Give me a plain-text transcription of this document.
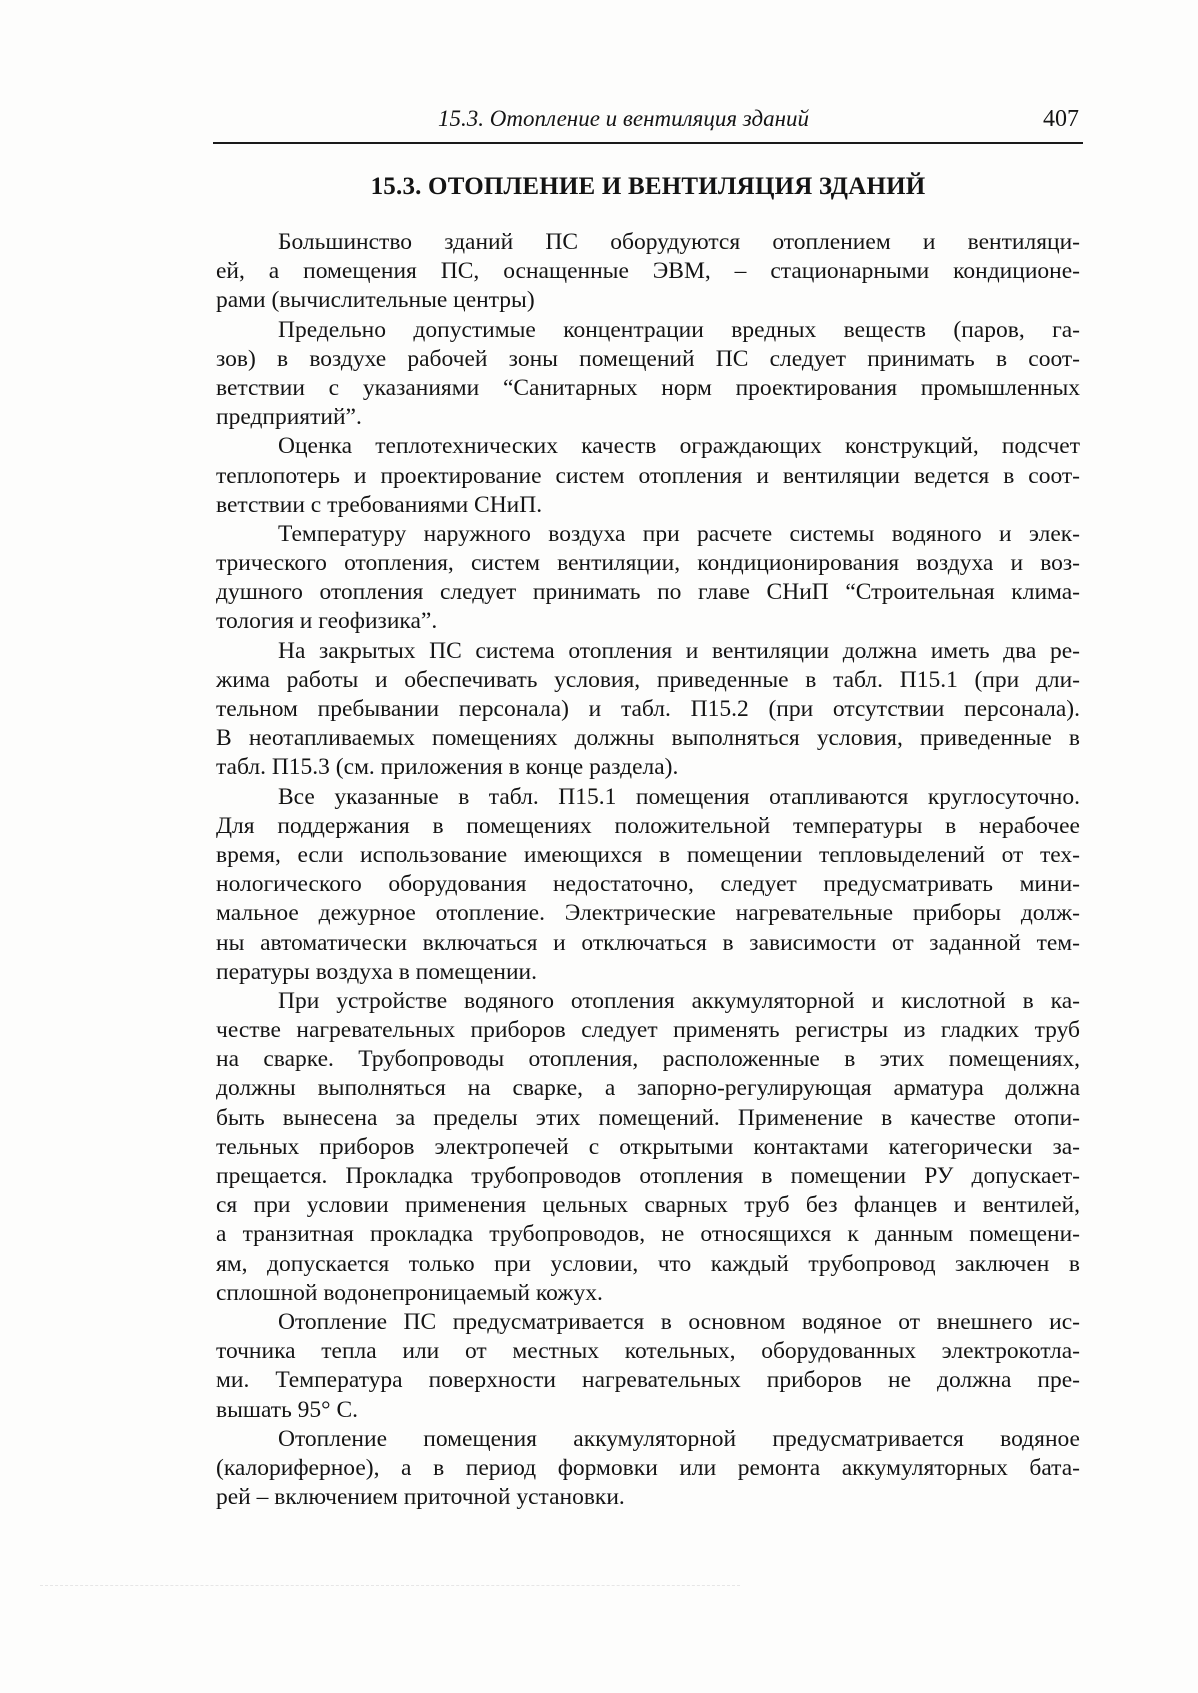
15.3. Отопление и вентиляция зданий	407
15.3. ОТОПЛЕНИЕ И ВЕНТИЛЯЦИЯ ЗДАНИЙ

Большинство зданий ПС оборудуются отоплением и вентиляци-
ей, а помещения ПС, оснащенные ЭВМ, – стационарными кондиционе-
рами (вычислительные центры)

Предельно допустимые концентрации вредных веществ (паров, га-
зов) в воздухе рабочей зоны помещений ПС следует принимать в соот-
ветствии с указаниями “Санитарных норм проектирования промышленных
предприятий”.

Оценка теплотехнических качеств ограждающих конструкций, подсчет
теплопотерь и проектирование систем отопления и вентиляции ведется в соот-
ветствии с требованиями СНиП.

Температуру наружного воздуха при расчете системы водяного и элек-
трического отопления, систем вентиляции, кондиционирования воздуха и воз-
душного отопления следует принимать по главе СНиП “Строительная клима-
тология и геофизика”.

На закрытых ПС система отопления и вентиляции должна иметь два ре-
жима работы и обеспечивать условия, приведенные в табл. П15.1 (при дли-
тельном пребывании персонала) и табл. П15.2 (при отсутствии персонала).
В неотапливаемых помещениях должны выполняться условия, приведенные в
табл. П15.3 (см. приложения в конце раздела).

Все указанные в табл. П15.1 помещения отапливаются круглосуточно.
Для поддержания в помещениях положительной температуры в нерабочее
время, если использование имеющихся в помещении тепловыделений от тех-
нологического оборудования недостаточно, следует предусматривать мини-
мальное дежурное отопление. Электрические нагревательные приборы долж-
ны автоматически включаться и отключаться в зависимости от заданной тем-
пературы воздуха в помещении.

При устройстве водяного отопления аккумуляторной и кислотной в ка-
честве нагревательных приборов следует применять регистры из гладких труб
на сварке. Трубопроводы отопления, расположенные в этих помещениях,
должны выполняться на сварке, а запорно-регулирующая арматура должна
быть вынесена за пределы этих помещений. Применение в качестве отопи-
тельных приборов электропечей с открытыми контактами категорически за-
прещается. Прокладка трубопроводов отопления в помещении РУ допускает-
ся при условии применения цельных сварных труб без фланцев и вентилей,
а транзитная прокладка трубопроводов, не относящихся к данным помещени-
ям, допускается только при условии, что каждый трубопровод заключен в
сплошной водонепроницаемый кожух.

Отопление ПС предусматривается в основном водяное от внешнего ис-
точника тепла или от местных котельных, оборудованных электрокотла-
ми. Температура поверхности нагревательных приборов не должна пре-
вышать 95° С.

Отопление помещения аккумуляторной предусматривается водяное
(калориферное), а в период формовки или ремонта аккумуляторных бата-
рей – включением приточной установки.
